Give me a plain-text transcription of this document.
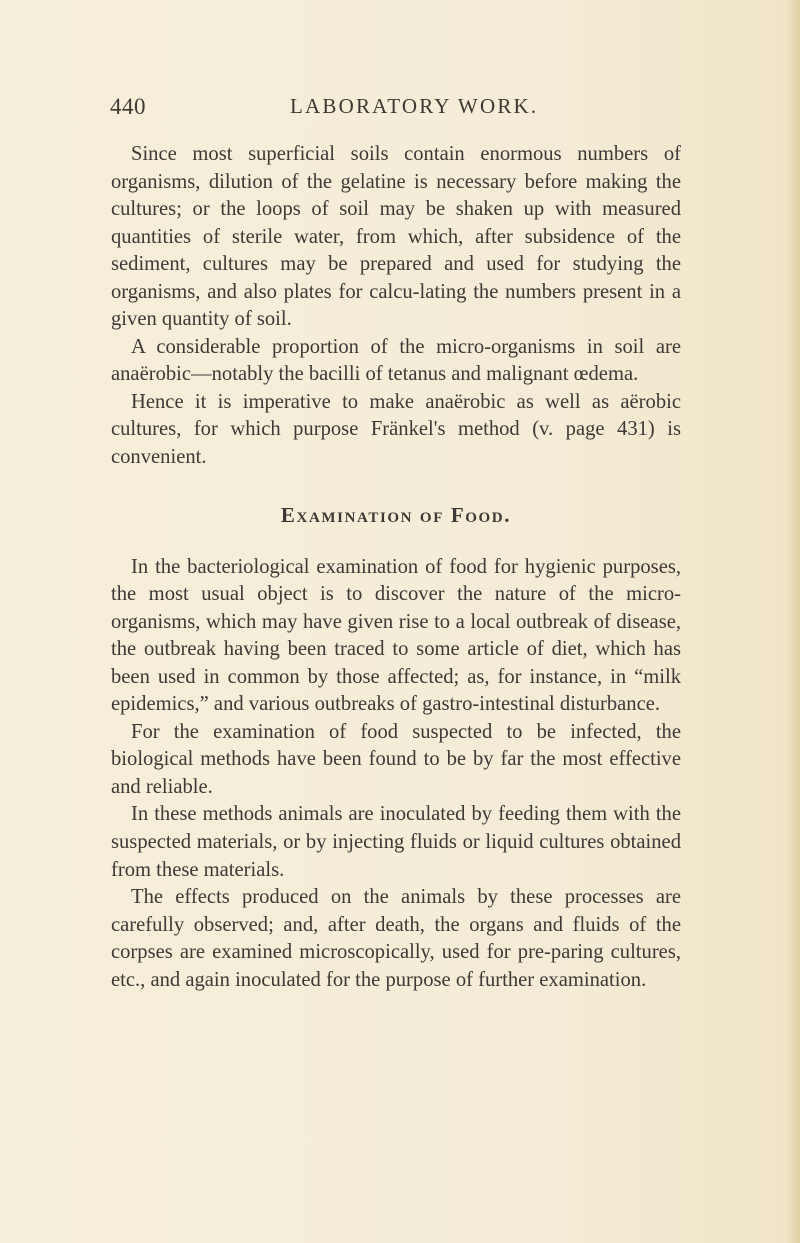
440	LABORATORY WORK.

Since most superficial soils contain enormous numbers of organisms, dilution of the gelatine is necessary before making the cultures; or the loops of soil may be shaken up with measured quantities of sterile water, from which, after subsidence of the sediment, cultures may be prepared and used for studying the organisms, and also plates for calcu-lating the numbers present in a given quantity of soil.

A considerable proportion of the micro-organisms in soil are anaërobic—notably the bacilli of tetanus and malignant œdema.

Hence it is imperative to make anaërobic as well as aërobic cultures, for which purpose Fränkel's method (v. page 431) is convenient.

Examination of Food.

In the bacteriological examination of food for hygienic purposes, the most usual object is to discover the nature of the micro-organisms, which may have given rise to a local outbreak of disease, the outbreak having been traced to some article of diet, which has been used in common by those affected; as, for instance, in “milk epidemics,” and various outbreaks of gastro-intestinal disturbance.

For the examination of food suspected to be infected, the biological methods have been found to be by far the most effective and reliable.

In these methods animals are inoculated by feeding them with the suspected materials, or by injecting fluids or liquid cultures obtained from these materials.

The effects produced on the animals by these processes are carefully observed; and, after death, the organs and fluids of the corpses are examined microscopically, used for pre-paring cultures, etc., and again inoculated for the purpose of further examination.
